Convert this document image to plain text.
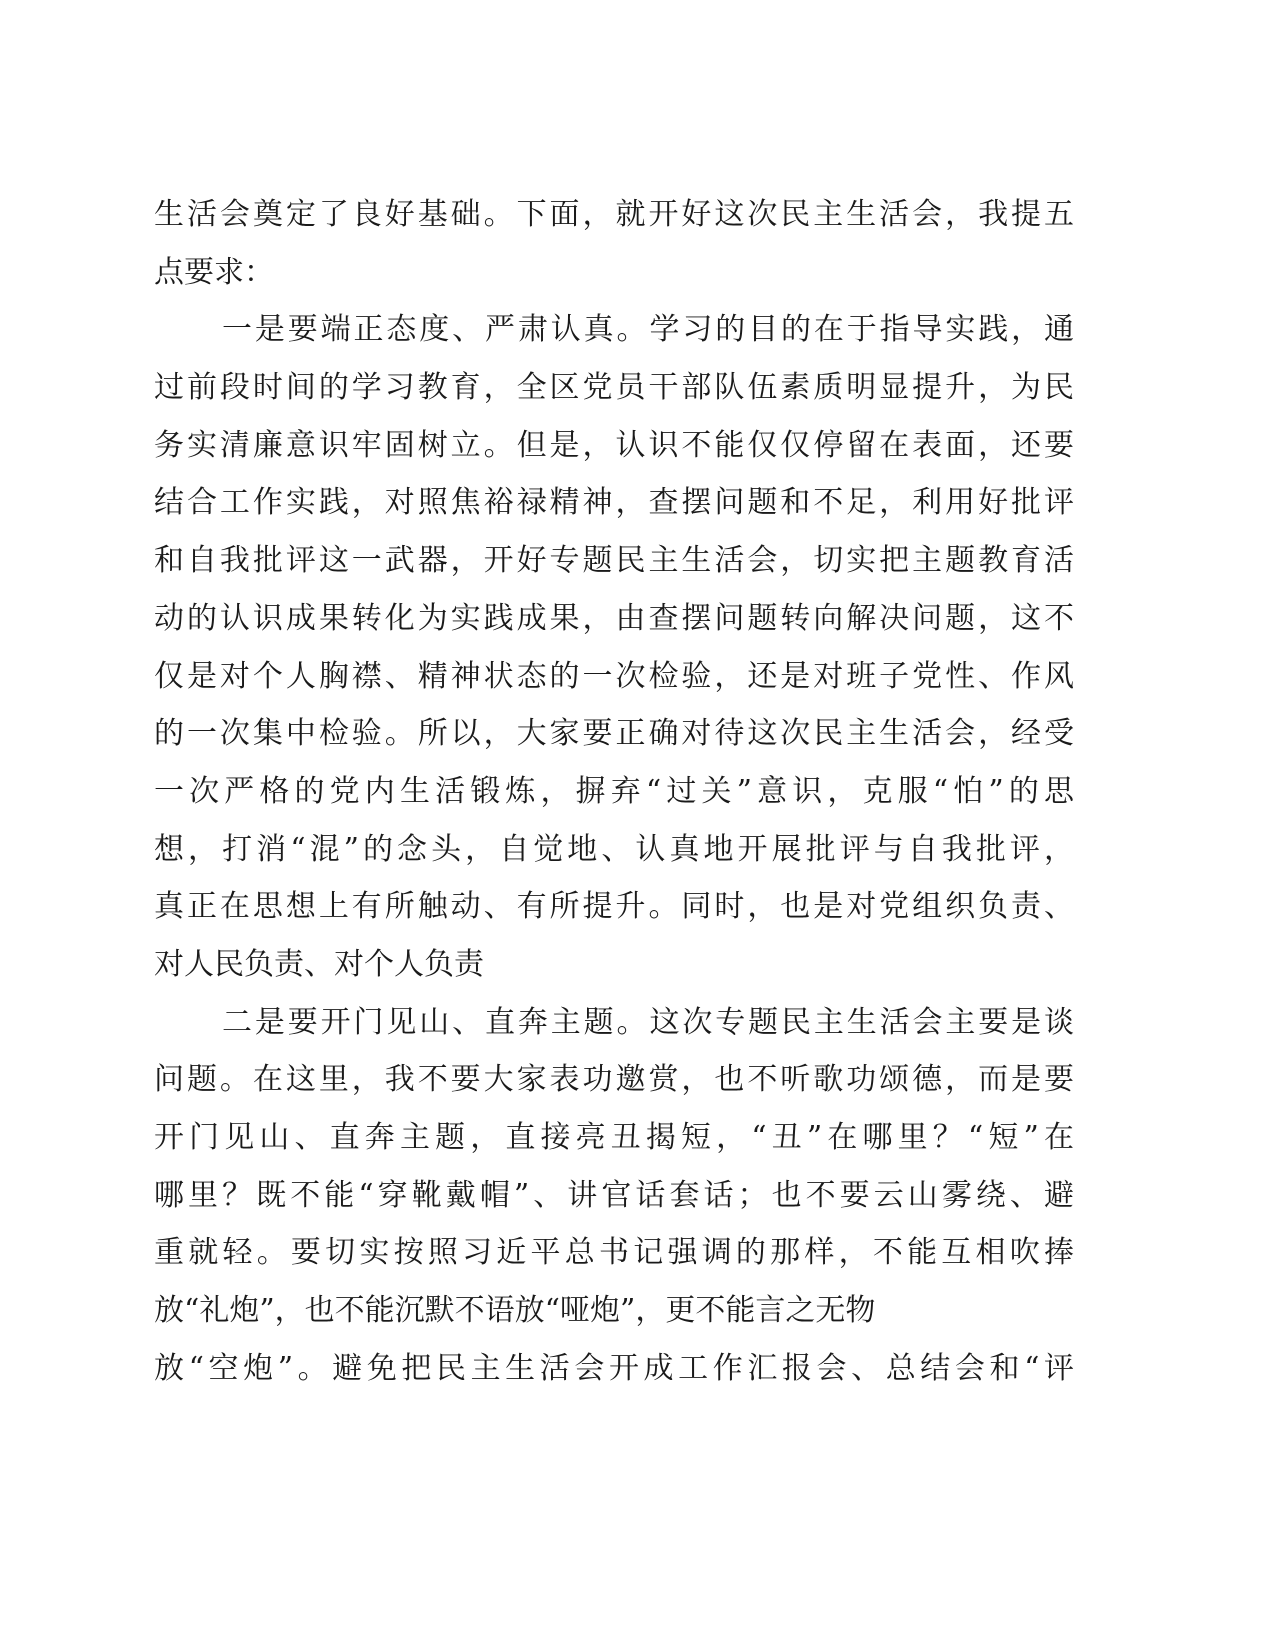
生活会奠定了良好基础。下面，就开好这次民主生活会，我提五
点要求：
一是要端正态度、严肃认真。学习的目的在于指导实践，通
过前段时间的学习教育，全区党员干部队伍素质明显提升，为民
务实清廉意识牢固树立。但是，认识不能仅仅停留在表面，还要
结合工作实践，对照焦裕禄精神，查摆问题和不足，利用好批评
和自我批评这一武器，开好专题民主生活会，切实把主题教育活
动的认识成果转化为实践成果，由查摆问题转向解决问题，这不
仅是对个人胸襟、精神状态的一次检验，还是对班子党性、作风
的一次集中检验。所以，大家要正确对待这次民主生活会，经受
一次严格的党内生活锻炼，摒弃“过关”意识，克服“怕”的思
想，打消“混”的念头，自觉地、认真地开展批评与自我批评，
真正在思想上有所触动、有所提升。同时，也是对党组织负责、
对人民负责、对个人负责
二是要开门见山、直奔主题。这次专题民主生活会主要是谈
问题。在这里，我不要大家表功邀赏，也不听歌功颂德，而是要
开门见山、直奔主题，直接亮丑揭短，“丑”在哪里？“短”在
哪里？既不能“穿靴戴帽”、讲官话套话；也不要云山雾绕、避
重就轻。要切实按照习近平总书记强调的那样，不能互相吹捧
放“礼炮”，也不能沉默不语放“哑炮”，更不能言之无物
放“空炮”。避免把民主生活会开成工作汇报会、总结会和“评
